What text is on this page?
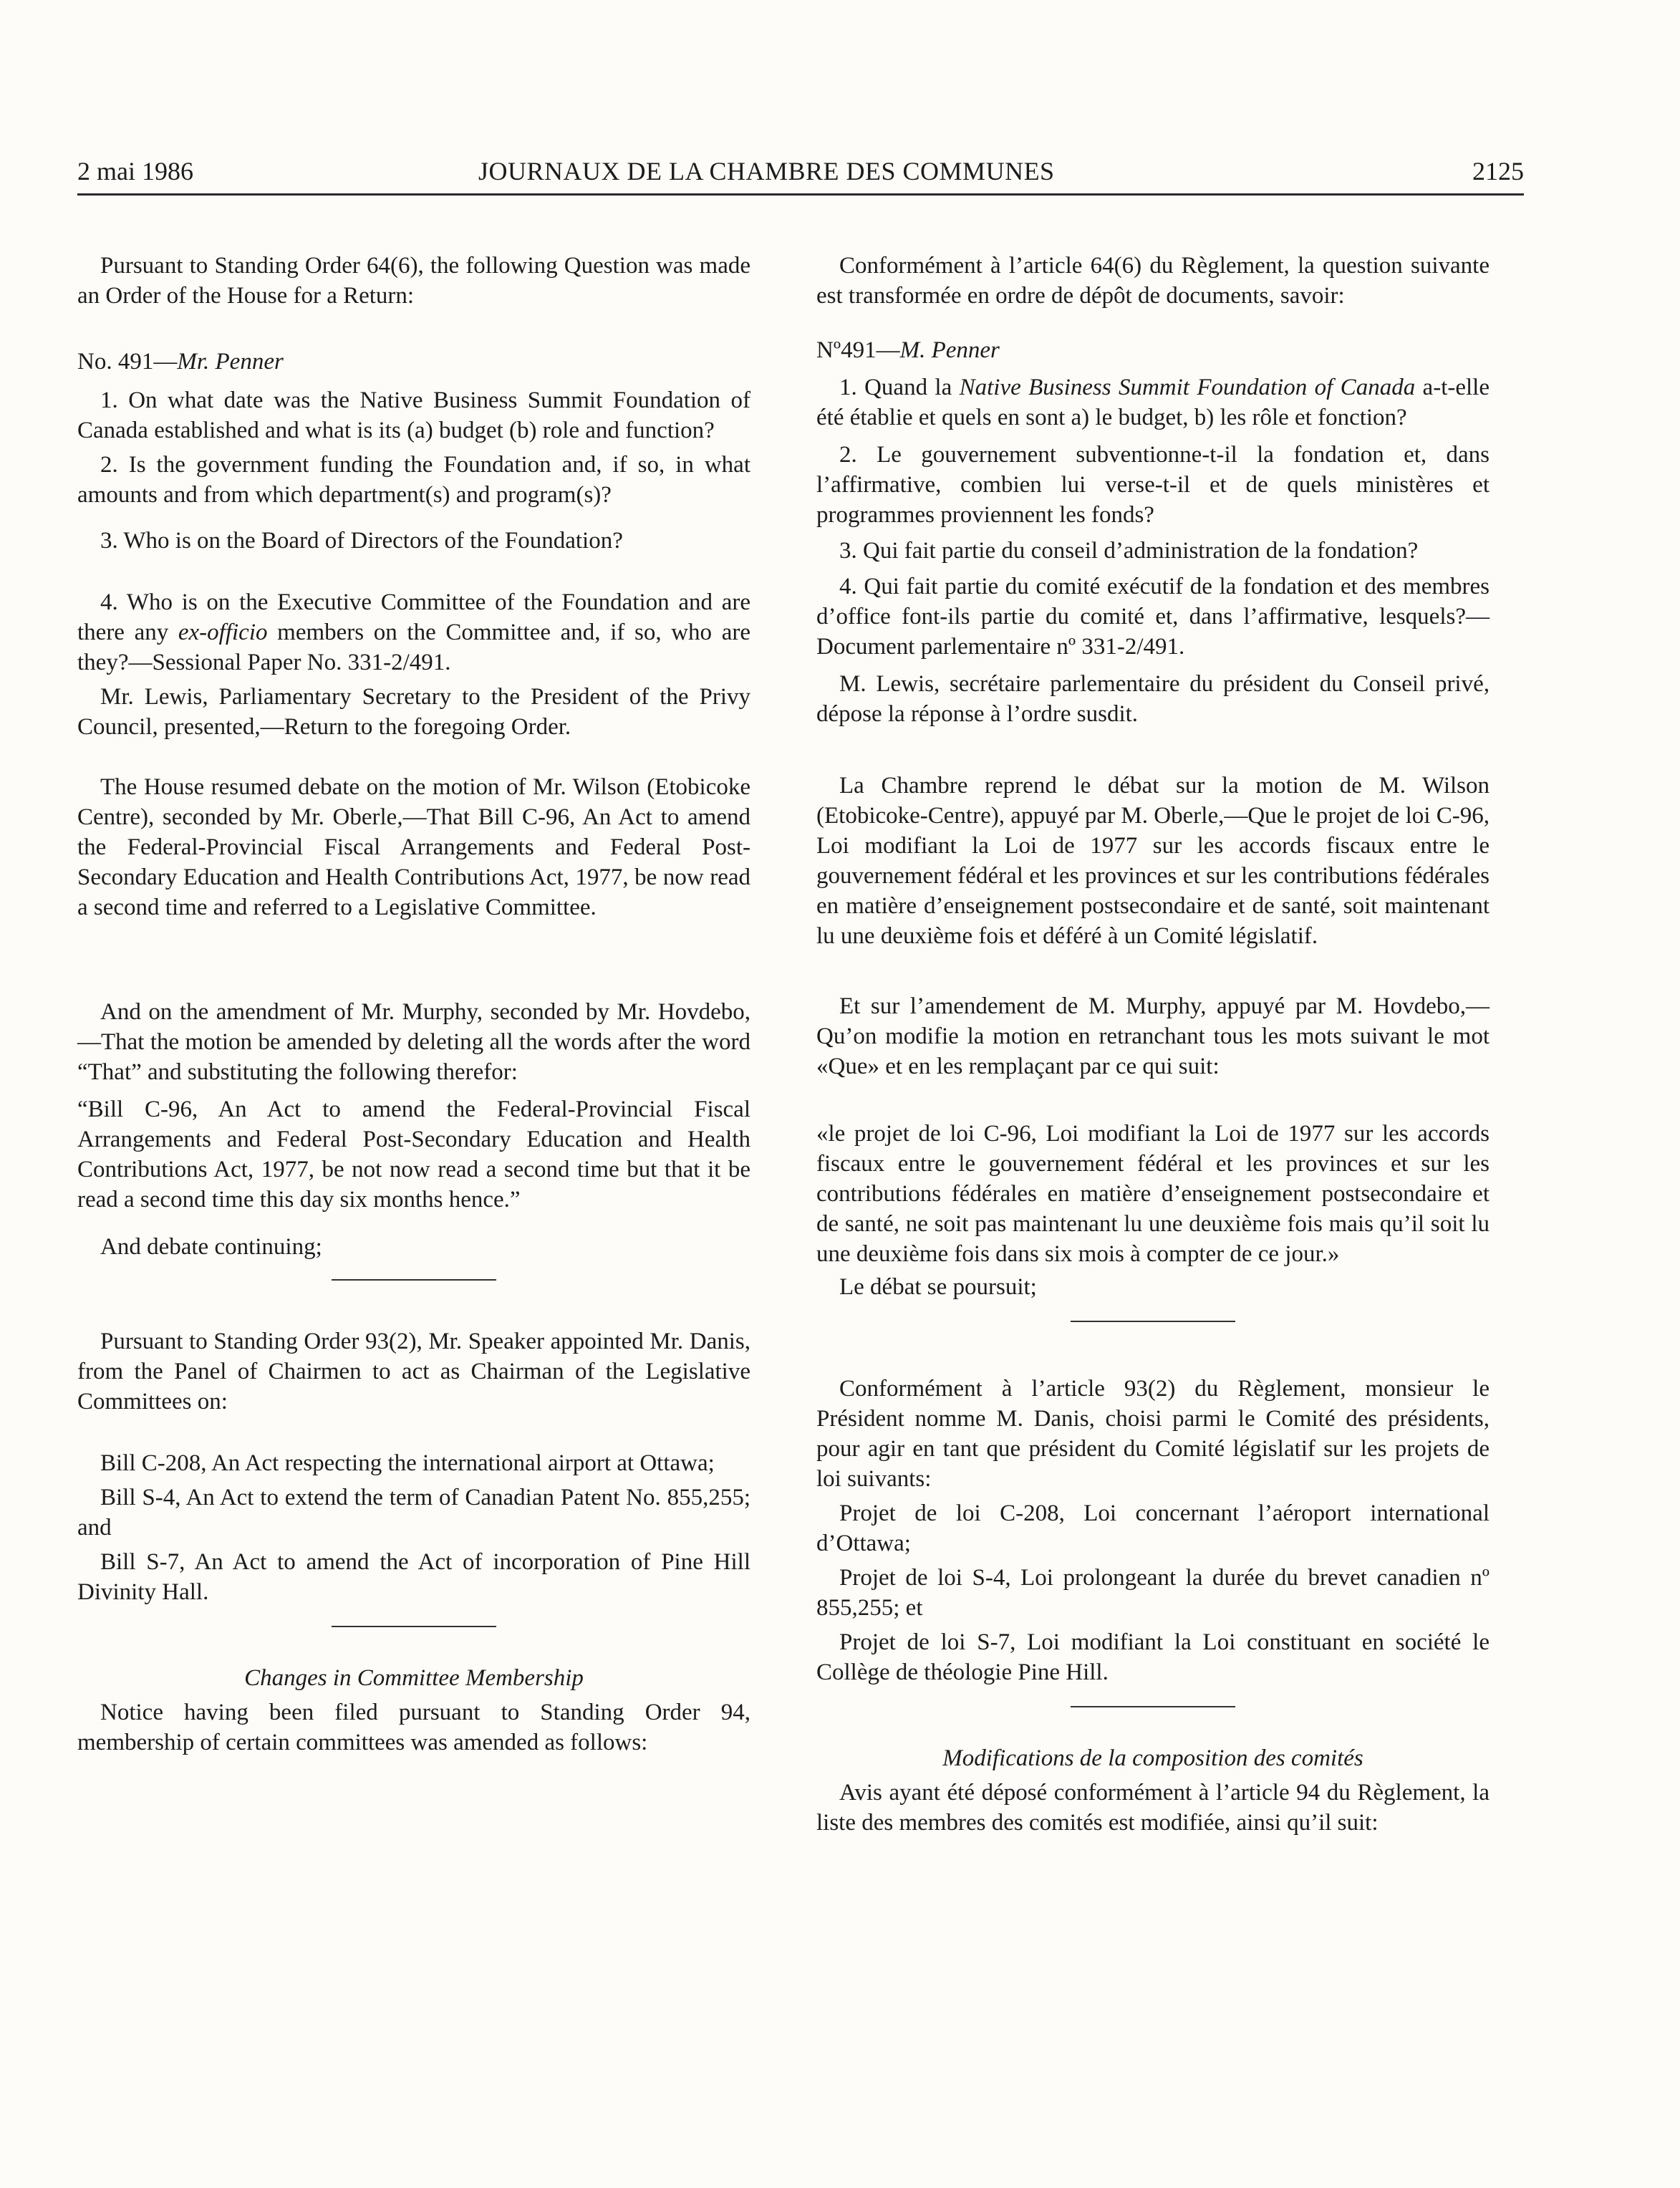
2 mai 1986	JOURNAUX DE LA CHAMBRE DES COMMUNES	2125

Pursuant to Standing Order 64(6), the following Question was made an Order of the House for a Return:

No. 491—Mr. Penner

1. On what date was the Native Business Summit Foundation of Canada established and what is its (a) budget (b) role and function?

2. Is the government funding the Foundation and, if so, in what amounts and from which department(s) and program(s)?

3. Who is on the Board of Directors of the Foundation?

4. Who is on the Executive Committee of the Foundation and are there any ex-officio members on the Committee and, if so, who are they?—Sessional Paper No. 331-2/491.

Mr. Lewis, Parliamentary Secretary to the President of the Privy Council, presented,—Return to the foregoing Order.

The House resumed debate on the motion of Mr. Wilson (Etobicoke Centre), seconded by Mr. Oberle,—That Bill C-96, An Act to amend the Federal-Provincial Fiscal Arrangements and Federal Post-Secondary Education and Health Contributions Act, 1977, be now read a second time and referred to a Legislative Committee.

And on the amendment of Mr. Murphy, seconded by Mr. Hovdebo,—That the motion be amended by deleting all the words after the word “That” and substituting the following therefor:

“Bill C-96, An Act to amend the Federal-Provincial Fiscal Arrangements and Federal Post-Secondary Education and Health Contributions Act, 1977, be not now read a second time but that it be read a second time this day six months hence.”

And debate continuing;

Pursuant to Standing Order 93(2), Mr. Speaker appointed Mr. Danis, from the Panel of Chairmen to act as Chairman of the Legislative Committees on:

Bill C-208, An Act respecting the international airport at Ottawa;

Bill S-4, An Act to extend the term of Canadian Patent No. 855,255; and

Bill S-7, An Act to amend the Act of incorporation of Pine Hill Divinity Hall.

Changes in Committee Membership

Notice having been filed pursuant to Standing Order 94, membership of certain committees was amended as follows:

Conformément à l’article 64(6) du Règlement, la question suivante est transformée en ordre de dépôt de documents, savoir:

Nº491—M. Penner

1. Quand la Native Business Summit Foundation of Canada a-t-elle été établie et quels en sont a) le budget, b) les rôle et fonction?

2. Le gouvernement subventionne-t-il la fondation et, dans l’affirmative, combien lui verse-t-il et de quels ministères et programmes proviennent les fonds?

3. Qui fait partie du conseil d’administration de la fondation?

4. Qui fait partie du comité exécutif de la fondation et des membres d’office font-ils partie du comité et, dans l’affirmative, lesquels?—Document parlementaire nº 331-2/491.

M. Lewis, secrétaire parlementaire du président du Conseil privé, dépose la réponse à l’ordre susdit.

La Chambre reprend le débat sur la motion de M. Wilson (Etobicoke-Centre), appuyé par M. Oberle,—Que le projet de loi C-96, Loi modifiant la Loi de 1977 sur les accords fiscaux entre le gouvernement fédéral et les provinces et sur les contributions fédérales en matière d’enseignement postsecondaire et de santé, soit maintenant lu une deuxième fois et déféré à un Comité législatif.

Et sur l’amendement de M. Murphy, appuyé par M. Hovdebo,—Qu’on modifie la motion en retranchant tous les mots suivant le mot «Que» et en les remplaçant par ce qui suit:

«le projet de loi C-96, Loi modifiant la Loi de 1977 sur les accords fiscaux entre le gouvernement fédéral et les provinces et sur les contributions fédérales en matière d’enseignement postsecondaire et de santé, ne soit pas maintenant lu une deuxième fois mais qu’il soit lu une deuxième fois dans six mois à compter de ce jour.»

Le débat se poursuit;

Conformément à l’article 93(2) du Règlement, monsieur le Président nomme M. Danis, choisi parmi le Comité des présidents, pour agir en tant que président du Comité législatif sur les projets de loi suivants:

Projet de loi C-208, Loi concernant l’aéroport international d’Ottawa;

Projet de loi S-4, Loi prolongeant la durée du brevet canadien nº 855,255; et

Projet de loi S-7, Loi modifiant la Loi constituant en société le Collège de théologie Pine Hill.

Modifications de la composition des comités

Avis ayant été déposé conformément à l’article 94 du Règlement, la liste des membres des comités est modifiée, ainsi qu’il suit:
